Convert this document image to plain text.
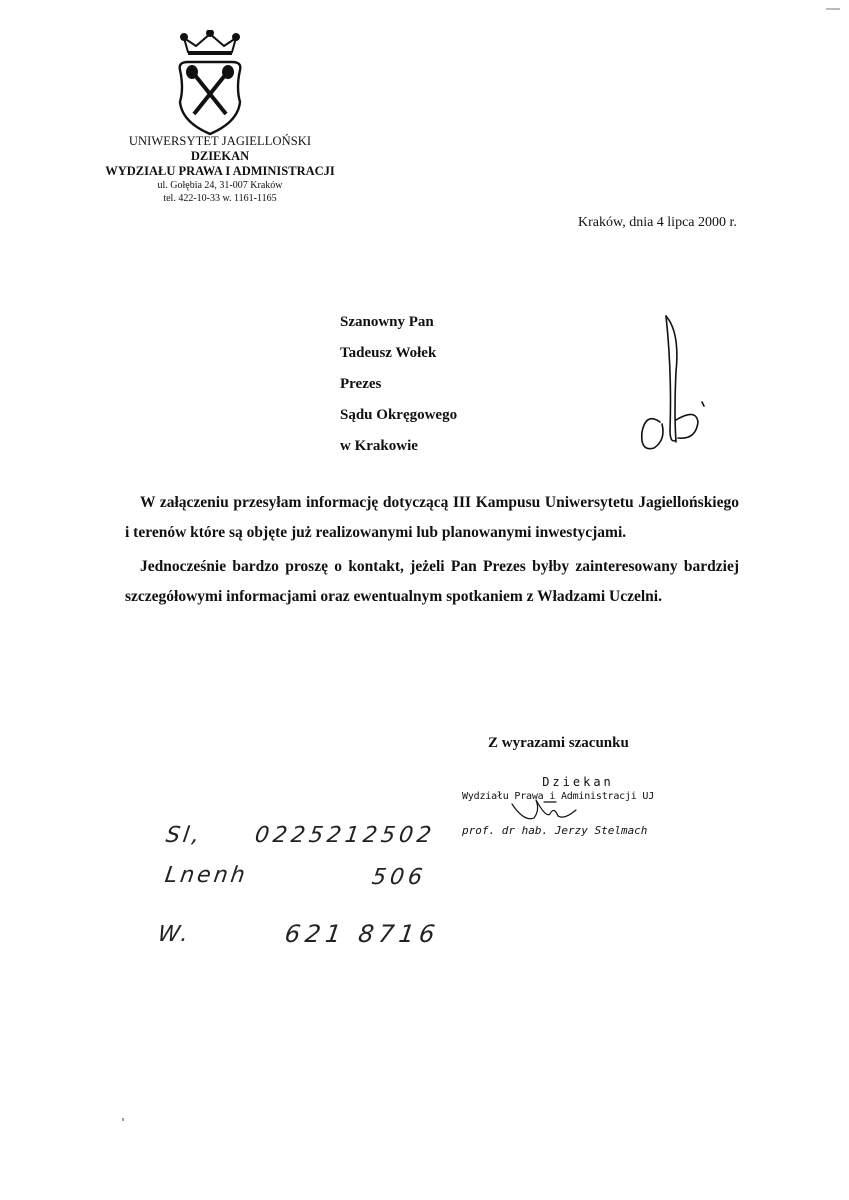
UNIWERSYTET JAGIELLOŃSKI
DZIEKAN
WYDZIAŁU PRAWA I ADMINISTRACJI
ul. Gołębia 24, 31-007 Kraków
tel. 422-10-33 w. 1161-1165
Kraków, dnia 4 lipca 2000 r.
Szanowny Pan
Tadeusz Wołek
Prezes
Sądu Okręgowego
w Krakowie

W załączeniu przesyłam informację dotyczącą III Kampusu Uniwersytetu Jagiellońskiego i terenów które są objęte już realizowanymi lub planowanymi inwestycjami.

Jednocześnie bardzo proszę o kontakt, jeżeli Pan Prezes byłby zainteresowany bardziej szczegółowymi informacjami oraz ewentualnym spotkaniem z Władzami Uczelni.

Z wyrazami szacunku
Dziekan
Wydziału Prawa i Administracji UJ
prof. dr hab. Jerzy Stelmach
Sl, 0225212502
Lnenh	506
W.	621 8716
